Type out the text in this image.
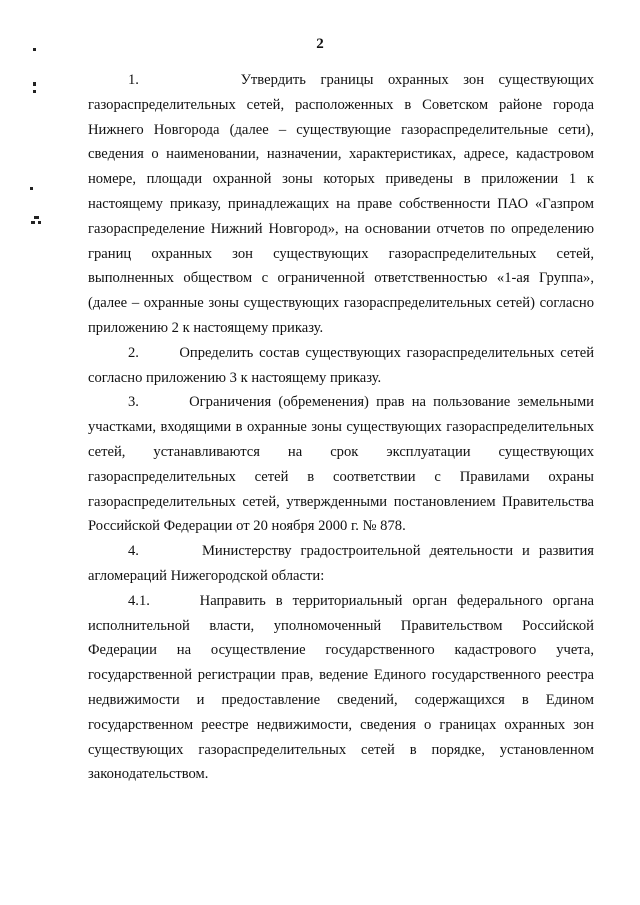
2

1.	Утвердить границы охранных зон существующих газораспределительных сетей, расположенных в Советском районе города Нижнего Новгорода (далее – существующие газораспределительные сети), сведения о наименовании, назначении, характеристиках, адресе, кадастровом номере, площади охранной зоны которых приведены в приложении 1 к настоящему приказу, принадлежащих на праве собственности ПАО «Газпром газораспределение Нижний Новгород», на основании отчетов по определению границ охранных зон существующих газораспределительных сетей, выполненных обществом с ограниченной ответственностью «1-ая Группа», (далее – охранные зоны существующих газораспределительных сетей) согласно приложению 2 к настоящему приказу.

2.	Определить состав существующих газораспределительных сетей согласно приложению 3 к настоящему приказу.

3.	Ограничения (обременения) прав на пользование земельными участками, входящими в охранные зоны существующих газораспределительных сетей, устанавливаются на срок эксплуатации существующих газораспределительных сетей в соответствии с Правилами охраны газораспределительных сетей, утвержденными постановлением Правительства Российской Федерации от 20 ноября 2000 г. № 878.

4.	Министерству градостроительной деятельности и развития агломераций Нижегородской области:

4.1.	Направить в территориальный орган федерального органа исполнительной власти, уполномоченный Правительством Российской Федерации на осуществление государственного кадастрового учета, государственной регистрации прав, ведение Единого государственного реестра недвижимости и предоставление сведений, содержащихся в Едином государственном реестре недвижимости, сведения о границах охранных зон существующих газораспределительных сетей в порядке, установленном законодательством.
